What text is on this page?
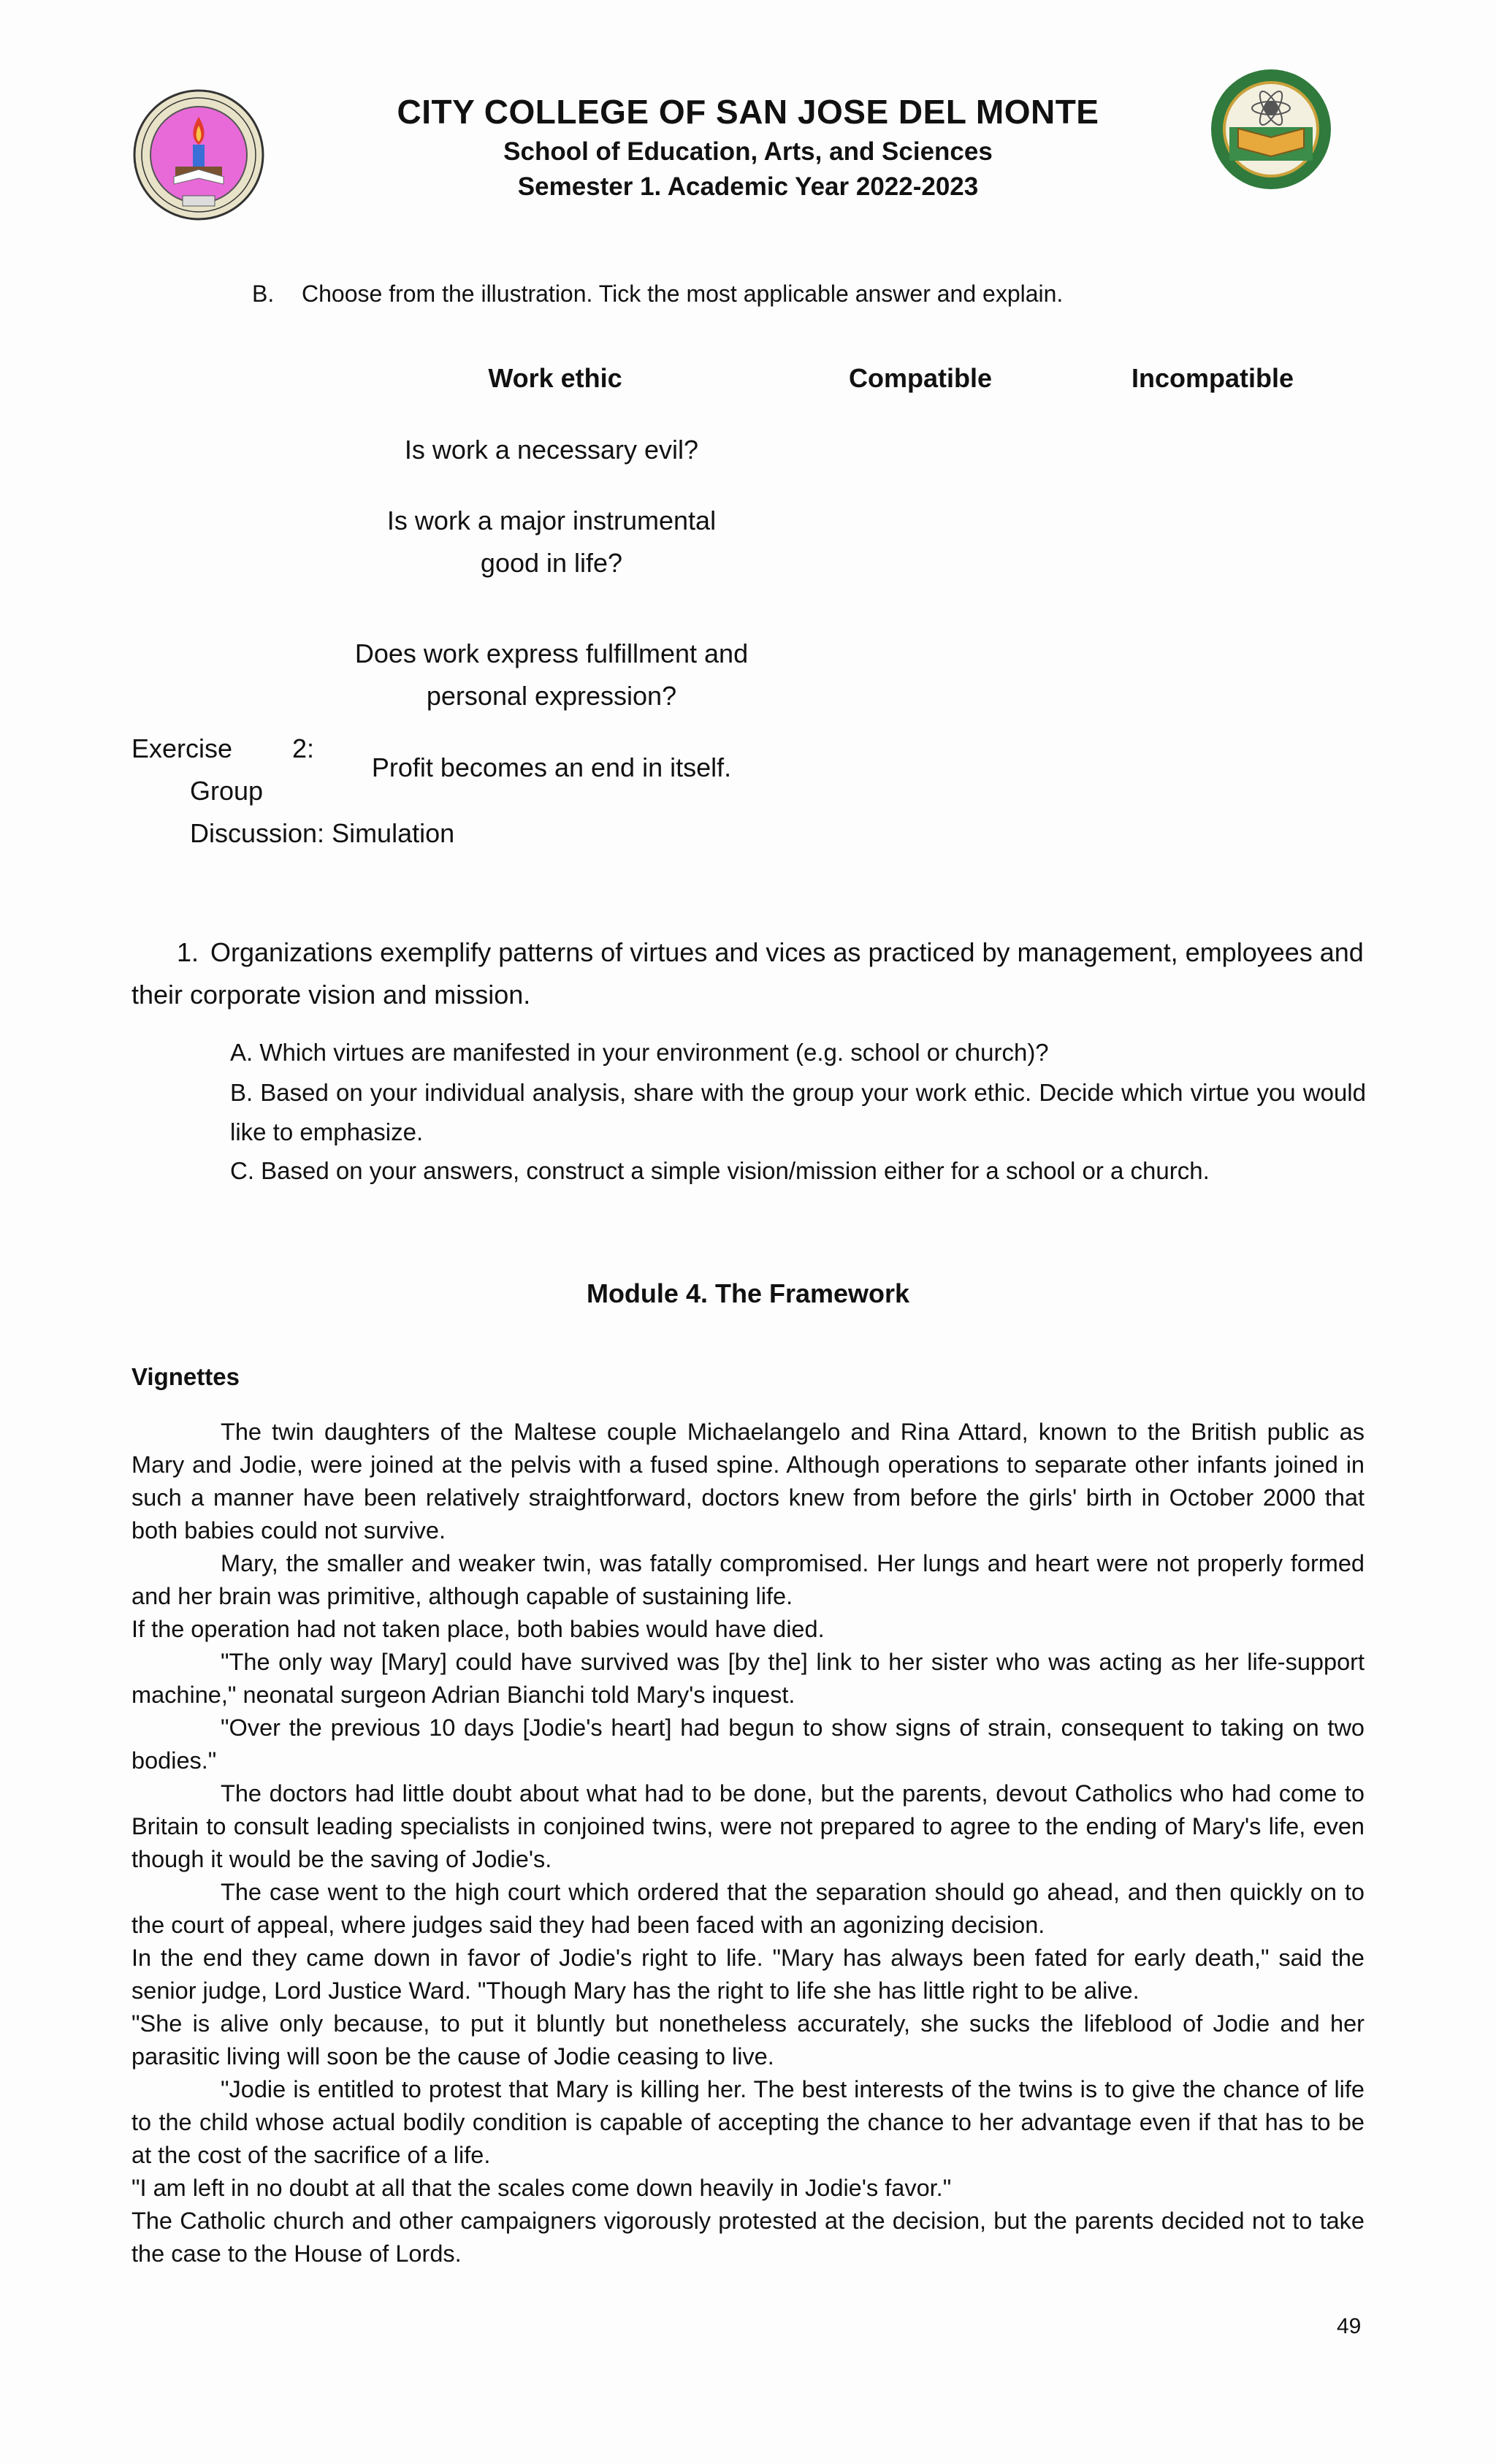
CITY COLLEGE OF SAN JOSE DEL MONTE
School of Education, Arts, and Sciences
Semester 1. Academic Year 2022-2023
B. Choose from the illustration. Tick the most applicable answer and explain.
Work ethic	Compatible	Incompatible
Is work a necessary evil?
Is work a major instrumental
good in life?
Does work express fulfillment and
personal expression?
Profit becomes an end in itself.
Exercise 2:
Group
Discussion: Simulation
1. Organizations exemplify patterns of virtues and vices as practiced by management, employees and their corporate vision and mission.
A. Which virtues are manifested in your environment (e.g. school or church)?
B. Based on your individual analysis, share with the group your work ethic. Decide which virtue you would like to emphasize.
C. Based on your answers, construct a simple vision/mission either for a school or a church.
Module 4. The Framework
Vignettes

The twin daughters of the Maltese couple Michaelangelo and Rina Attard, known to the British public as Mary and Jodie, were joined at the pelvis with a fused spine. Although operations to separate other infants joined in such a manner have been relatively straightforward, doctors knew from before the girls' birth in October 2000 that both babies could not survive.

Mary, the smaller and weaker twin, was fatally compromised. Her lungs and heart were not properly formed and her brain was primitive, although capable of sustaining life.

If the operation had not taken place, both babies would have died.

"The only way [Mary] could have survived was [by the] link to her sister who was acting as her life-support machine," neonatal surgeon Adrian Bianchi told Mary's inquest.

"Over the previous 10 days [Jodie's heart] had begun to show signs of strain, consequent to taking on two bodies."

The doctors had little doubt about what had to be done, but the parents, devout Catholics who had come to Britain to consult leading specialists in conjoined twins, were not prepared to agree to the ending of Mary's life, even though it would be the saving of Jodie's.

The case went to the high court which ordered that the separation should go ahead, and then quickly on to the court of appeal, where judges said they had been faced with an agonizing decision.

In the end they came down in favor of Jodie's right to life. "Mary has always been fated for early death," said the senior judge, Lord Justice Ward. "Though Mary has the right to life she has little right to be alive.

"She is alive only because, to put it bluntly but nonetheless accurately, she sucks the lifeblood of Jodie and her parasitic living will soon be the cause of Jodie ceasing to live.

"Jodie is entitled to protest that Mary is killing her. The best interests of the twins is to give the chance of life to the child whose actual bodily condition is capable of accepting the chance to her advantage even if that has to be at the cost of the sacrifice of a life.

"I am left in no doubt at all that the scales come down heavily in Jodie's favor."

The Catholic church and other campaigners vigorously protested at the decision, but the parents decided not to take the case to the House of Lords.

49
